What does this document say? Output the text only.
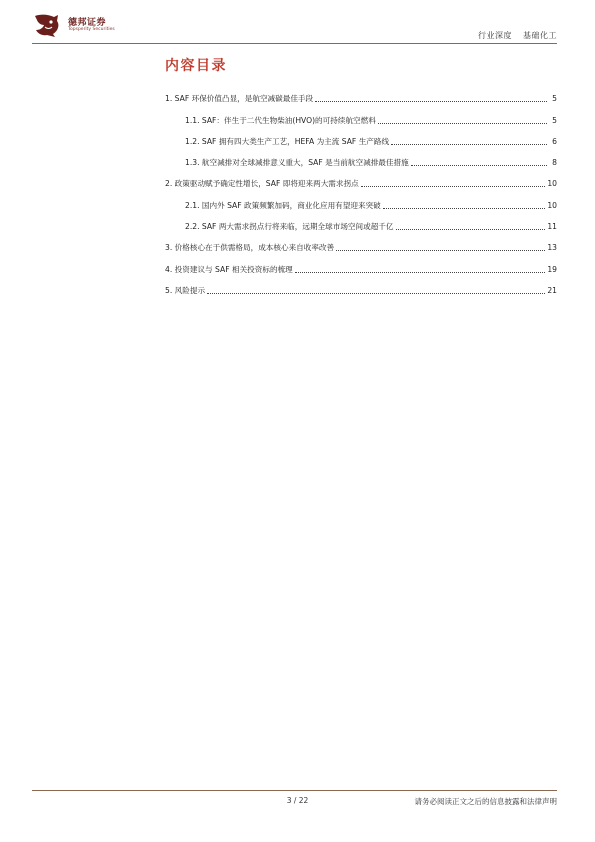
德邦证券
Topsperity Securities
行业深度 基础化工
内容目录
1. SAF 环保价值凸显，是航空减碳最佳手段	5
1.1. SAF：伴生于二代生物柴油(HVO)的可持续航空燃料	5
1.2. SAF 拥有四大类生产工艺，HEFA 为主流 SAF 生产路线	6
1.3. 航空减排对全球减排意义重大，SAF 是当前航空减排最佳措施	8
2. 政策驱动赋予确定性增长，SAF 即将迎来两大需求拐点	10
2.1. 国内外 SAF 政策频繁加码，商业化应用有望迎来突破	10
2.2. SAF 两大需求拐点行将来临，远期全球市场空间或超千亿	11
3. 价格核心在于供需格局，成本核心来自收率改善	13
4. 投资建议与 SAF 相关投资标的梳理	19
5. 风险提示	21
3 / 22	请务必阅读正文之后的信息披露和法律声明
